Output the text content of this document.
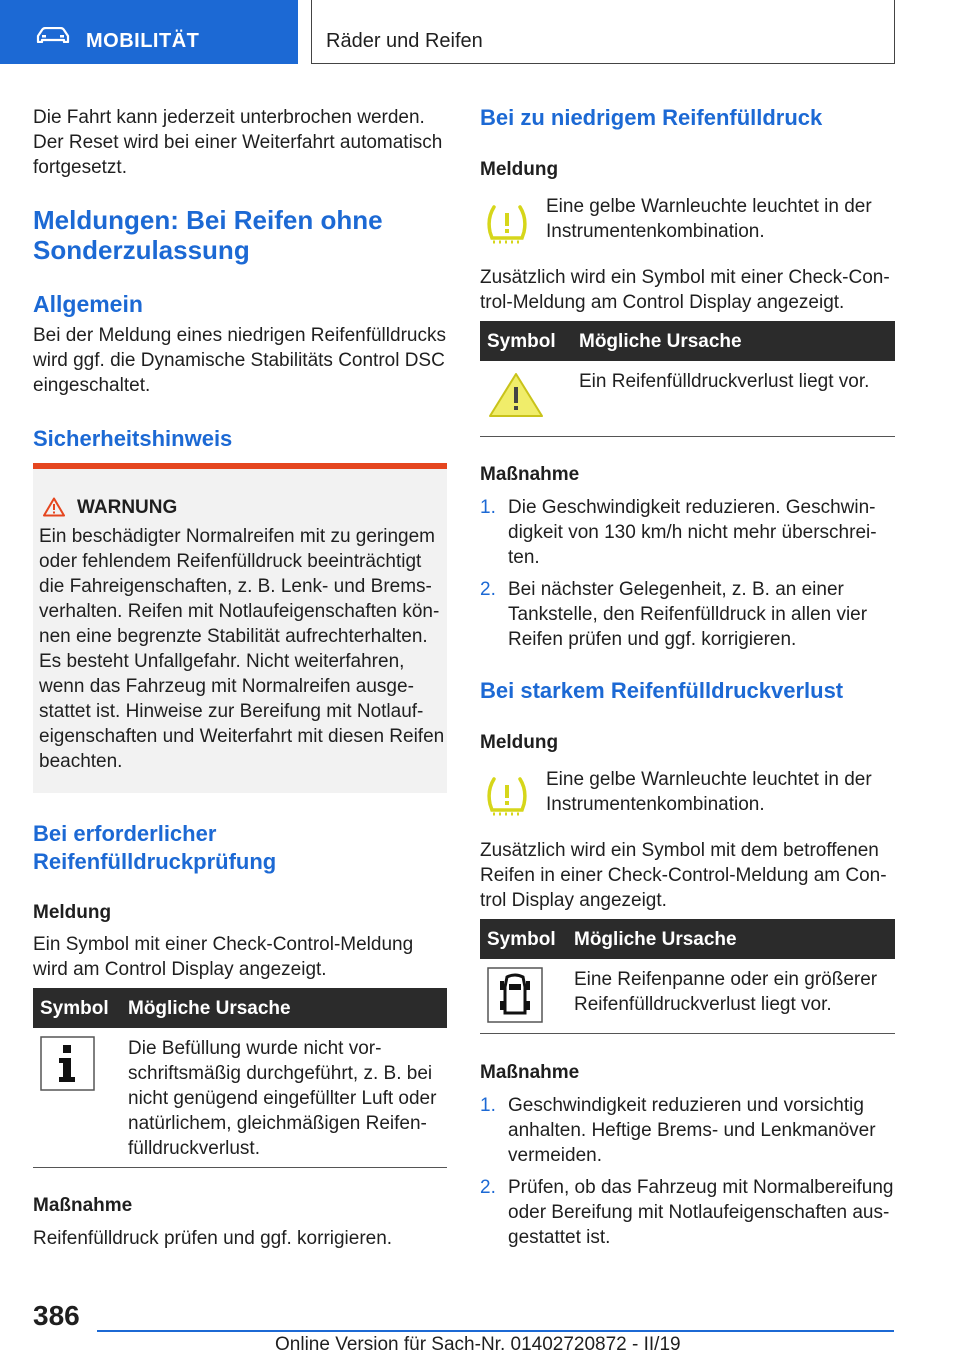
MOBILITÄT	Räder und Reifen
Die Fahrt kann jederzeit unterbrochen werden. Der Reset wird bei einer Weiterfahrt automatisch fortgesetzt.
Meldungen: Bei Reifen ohne Sonderzulassung
Allgemein
Bei der Meldung eines niedrigen Reifenfülldrucks wird ggf. die Dynamische Stabilitäts Control DSC eingeschaltet.
Sicherheitshinweis
WARNUNG
Ein beschädigter Normalreifen mit zu geringem oder fehlendem Reifenfülldruck beeinträchtigt die Fahreigenschaften, z. B. Lenk- und Bremsverhalten. Reifen mit Notlaufeigenschaften können eine begrenzte Stabilität aufrechterhalten. Es besteht Unfallgefahr. Nicht weiterfahren, wenn das Fahrzeug mit Normalreifen ausgestattet ist. Hinweise zur Bereifung mit Notlaufeigenschaften und Weiterfahrt mit diesen Reifen beachten.
Bei erforderlicher Reifenfülldruckprüfung
Meldung
Ein Symbol mit einer Check-Control-Meldung wird am Control Display angezeigt.
Symbol Mögliche Ursache
Die Befüllung wurde nicht vorschriftsmäßig durchgeführt, z. B. bei nicht genügend eingefüllter Luft oder natürlichem, gleichmäßigen Reifenfülldruckverlust.
Maßnahme
Reifenfülldruck prüfen und ggf. korrigieren.
Bei zu niedrigem Reifenfülldruck
Meldung
Eine gelbe Warnleuchte leuchtet in der Instrumentenkombination.
Zusätzlich wird ein Symbol mit einer Check-Control-Meldung am Control Display angezeigt.
Symbol Mögliche Ursache
Ein Reifenfülldruckverlust liegt vor.
Maßnahme
1. Die Geschwindigkeit reduzieren. Geschwindigkeit von 130 km/h nicht mehr überschreiten.
2. Bei nächster Gelegenheit, z. B. an einer Tankstelle, den Reifenfülldruck in allen vier Reifen prüfen und ggf. korrigieren.
Bei starkem Reifenfülldruckverlust
Meldung
Eine gelbe Warnleuchte leuchtet in der Instrumentenkombination.
Zusätzlich wird ein Symbol mit dem betroffenen Reifen in einer Check-Control-Meldung am Control Display angezeigt.
Symbol Mögliche Ursache
Eine Reifenpanne oder ein größerer Reifenfülldruckverlust liegt vor.
Maßnahme
1. Geschwindigkeit reduzieren und vorsichtig anhalten. Heftige Brems- und Lenkmanöver vermeiden.
2. Prüfen, ob das Fahrzeug mit Normalbereifung oder Bereifung mit Notlaufeigenschaften ausgestattet ist.
386
Online Version für Sach-Nr. 01402720872 - II/19
